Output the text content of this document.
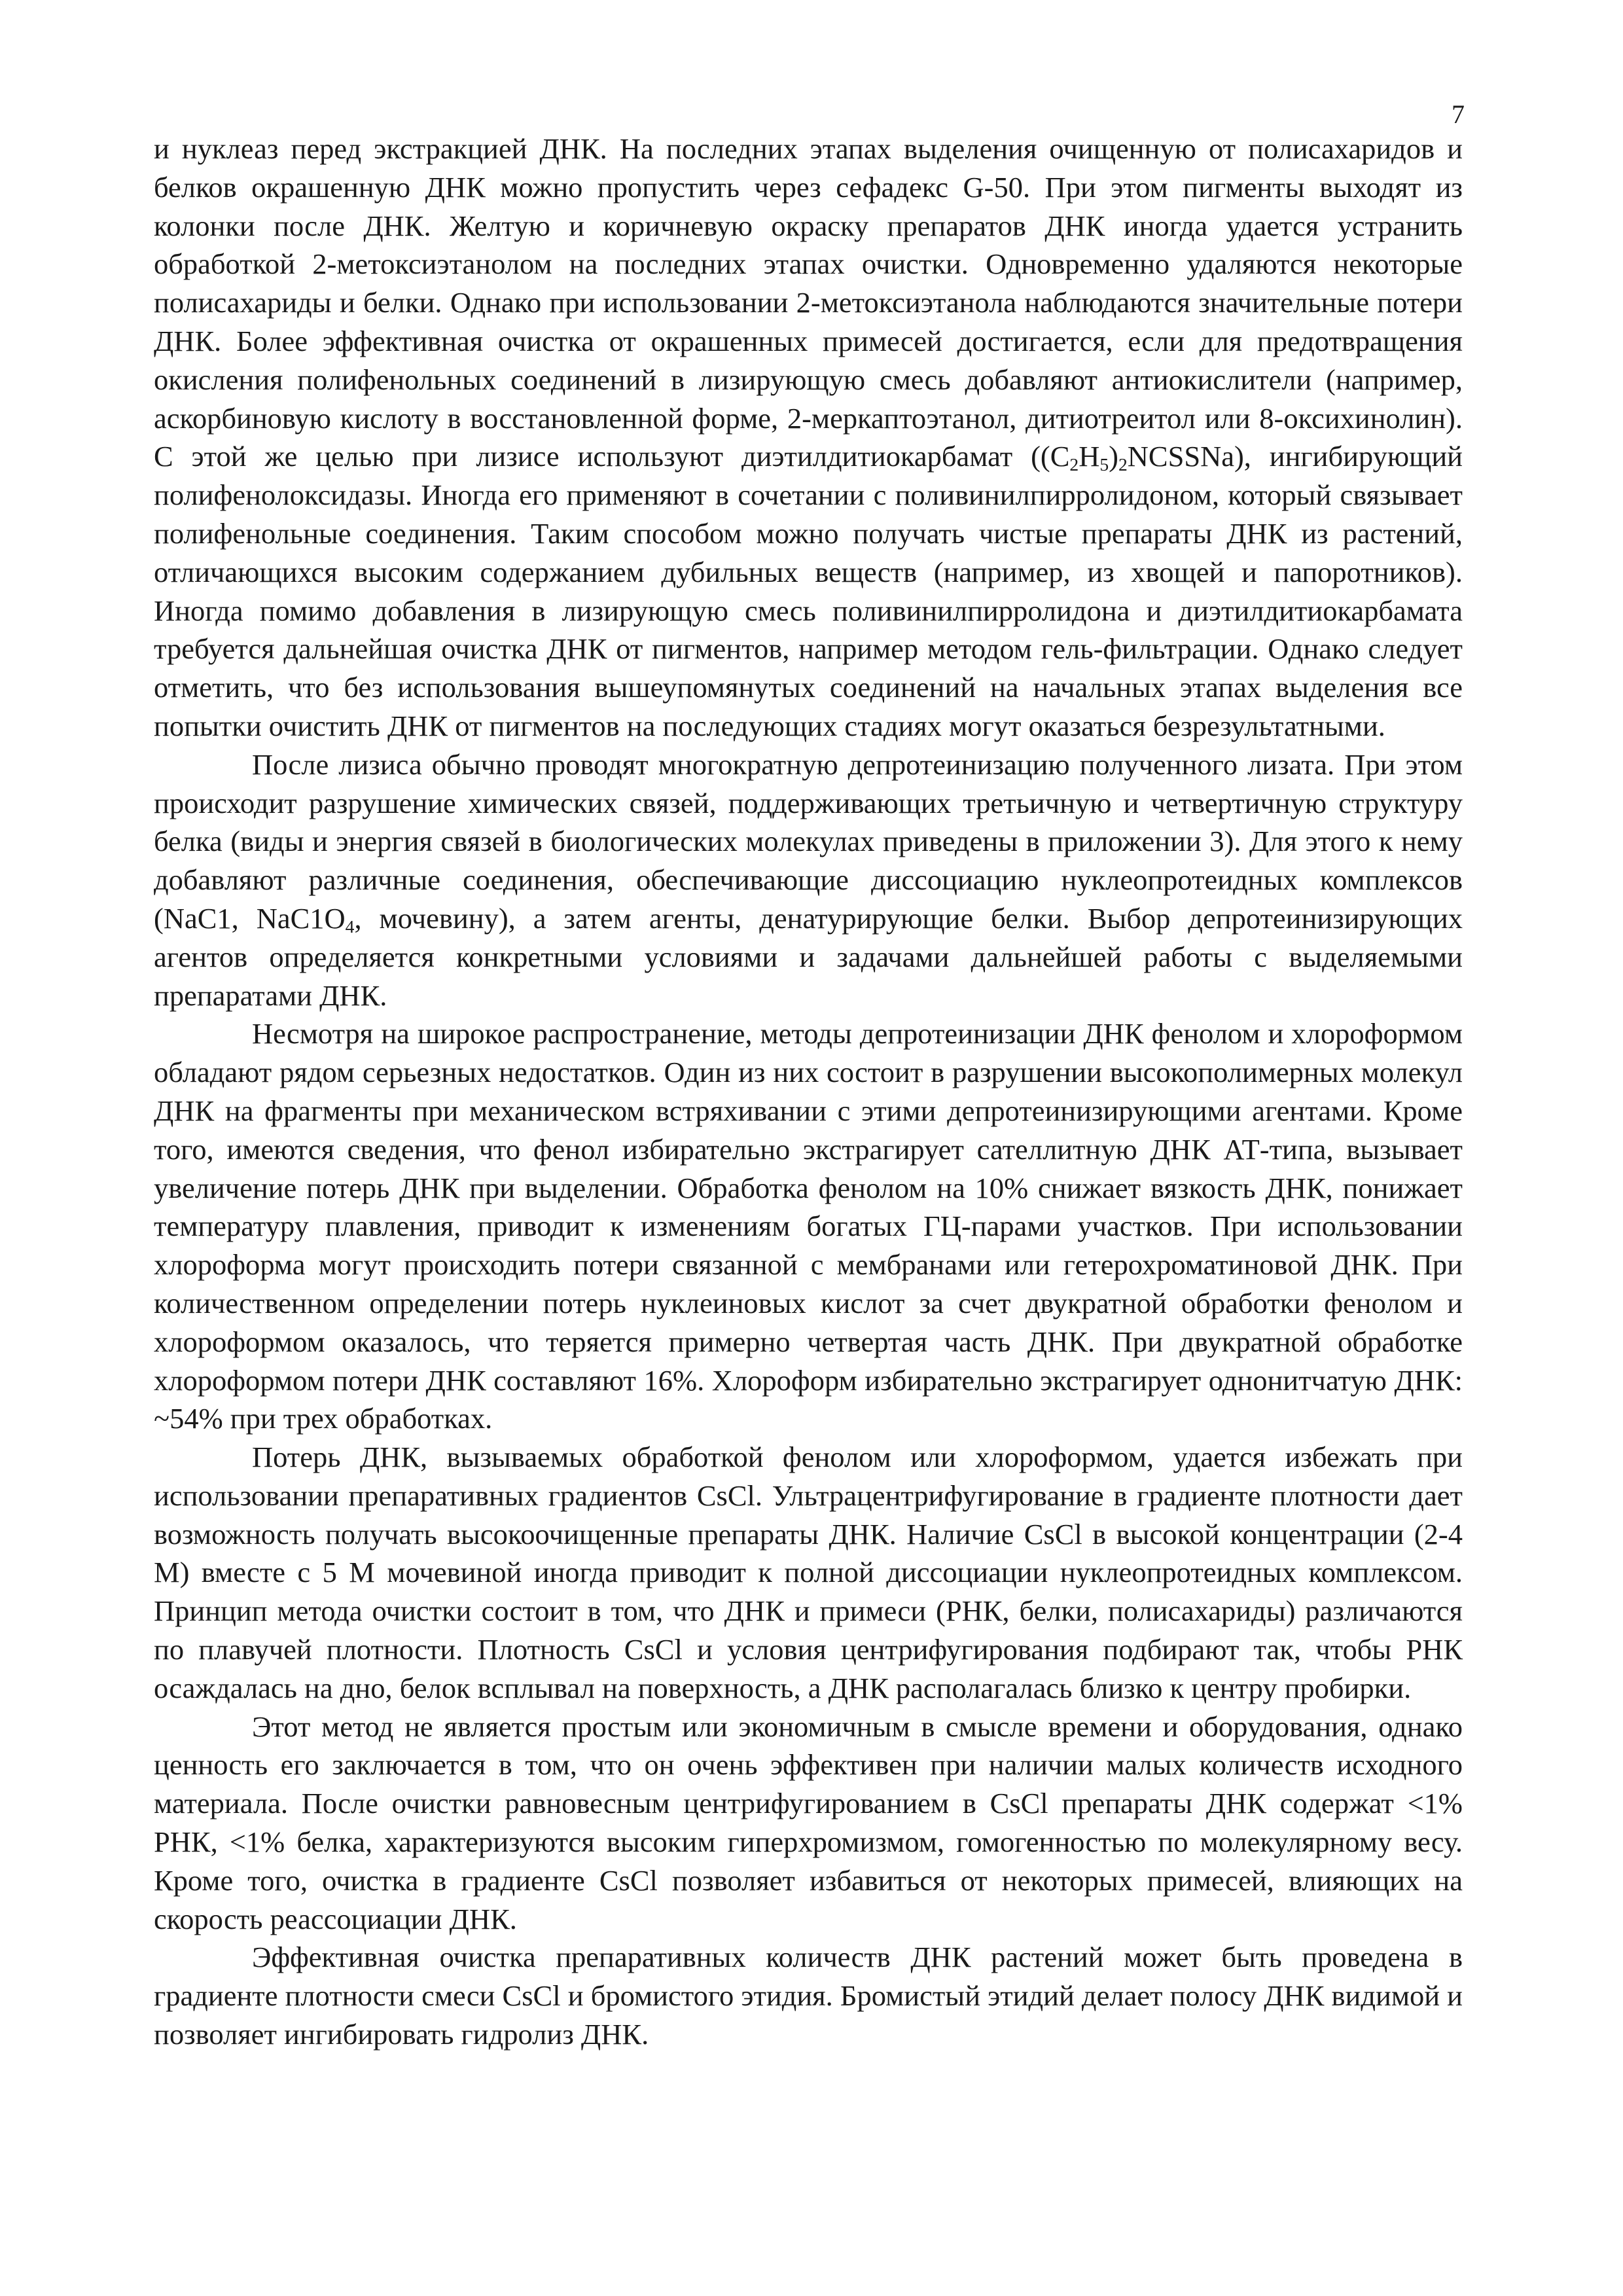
7

и нуклеаз перед экстракцией ДНК. На последних этапах выделения очищенную от полисахаридов и белков окрашенную ДНК можно пропустить через сефадекс G-50. При этом пигменты выходят из колонки после ДНК. Желтую и коричневую окраску препаратов ДНК иногда удается устранить обработкой 2-метоксиэтанолом на последних этапах очистки. Одновременно удаляются некоторые полисахариды и белки. Однако при использовании 2-метоксиэтанола наблюдаются значительные потери ДНК. Более эффективная очистка от окрашенных примесей достигается, если для предотвращения окисления полифенольных соединений в лизирующую смесь добавляют антиокислители (например, аскорбиновую кислоту в восстановленной форме, 2-меркаптоэтанол, дитиотреитол или 8-оксихинолин). С этой же целью при лизисе используют диэтилдитиокарбамат $((C_2H_5)_2NCSSNa)$, ингибирующий полифенолоксидазы. Иногда его применяют в сочетании с поливинилпирролидоном, который связывает полифенольные соединения. Таким способом можно получать чистые препараты ДНК из растений, отличающихся высоким содержанием дубильных веществ (например, из хвощей и папоротников). Иногда помимо добавления в лизирующую смесь поливинилпирролидона и диэтилдитиокарбамата требуется дальнейшая очистка ДНК от пигментов, например методом гель-фильтрации. Однако следует отметить, что без использования вышеупомянутых соединений на начальных этапах выделения все попытки очистить ДНК от пигментов на последующих стадиях могут оказаться безрезультатными.

После лизиса обычно проводят многократную депротеинизацию полученного лизата. При этом происходит разрушение химических связей, поддерживающих третьичную и четвертичную структуру белка (виды и энергия связей в биологических молекулах приведены в приложении 3). Для этого к нему добавляют различные соединения, обеспечивающие диссоциацию нуклеопротеидных комплексов (NaC1, $NaC1O_4$, мочевину), а затем агенты, денатурирующие белки. Выбор депротеинизирующих агентов определяется конкретными условиями и задачами дальнейшей работы с выделяемыми препаратами ДНК.

Несмотря на широкое распространение, методы депротеинизации ДНК фенолом и хлороформом обладают рядом серьезных недостатков. Один из них состоит в разрушении высокополимерных молекул ДНК на фрагменты при механическом встряхивании с этими депротеинизирующими агентами. Кроме того, имеются сведения, что фенол избирательно экстрагирует сателлитную ДНК АТ-типа, вызывает увеличение потерь ДНК при выделении. Обработка фенолом на 10% снижает вязкость ДНК, понижает температуру плавления, приводит к изменениям богатых ГЦ-парами участков. При использовании хлороформа могут происходить потери связанной с мембранами или гетерохроматиновой ДНК. При количественном определении потерь нуклеиновых кислот за счет двукратной обработки фенолом и хлороформом оказалось, что теряется примерно четвертая часть ДНК. При двукратной обработке хлороформом потери ДНК составляют 16%. Хлороформ избирательно экстрагирует однонитчатую ДНК: ~54% при трех обработках.

Потерь ДНК, вызываемых обработкой фенолом или хлороформом, удается избежать при использовании препаративных градиентов CsCl. Ультрацентрифугирование в градиенте плотности дает возможность получать высокоочищенные препараты ДНК. Наличие CsCl в высокой концентрации (2-4 М) вместе с 5 М мочевиной иногда приводит к полной диссоциации нуклеопротеидных комплексом. Принцип метода очистки состоит в том, что ДНК и примеси (РНК, белки, полисахариды) различаются по плавучей плотности. Плотность CsCl и условия центрифугирования подбирают так, чтобы РНК осаждалась на дно, белок всплывал на поверхность, а ДНК располагалась близко к центру пробирки.

Этот метод не является простым или экономичным в смысле времени и оборудования, однако ценность его заключается в том, что он очень эффективен при наличии малых количеств исходного материала. После очистки равновесным центрифугированием в CsCl препараты ДНК содержат <1% РНК, <1% белка, характеризуются высоким гиперхромизмом, гомогенностью по молекулярному весу. Кроме того, очистка в градиенте CsCl позволяет избавиться от некоторых примесей, влияющих на скорость реассоциации ДНК.

Эффективная очистка препаративных количеств ДНК растений может быть проведена в градиенте плотности смеси CsCl и бромистого этидия. Бромистый этидий делает полосу ДНК видимой и позволяет ингибировать гидролиз ДНК.
